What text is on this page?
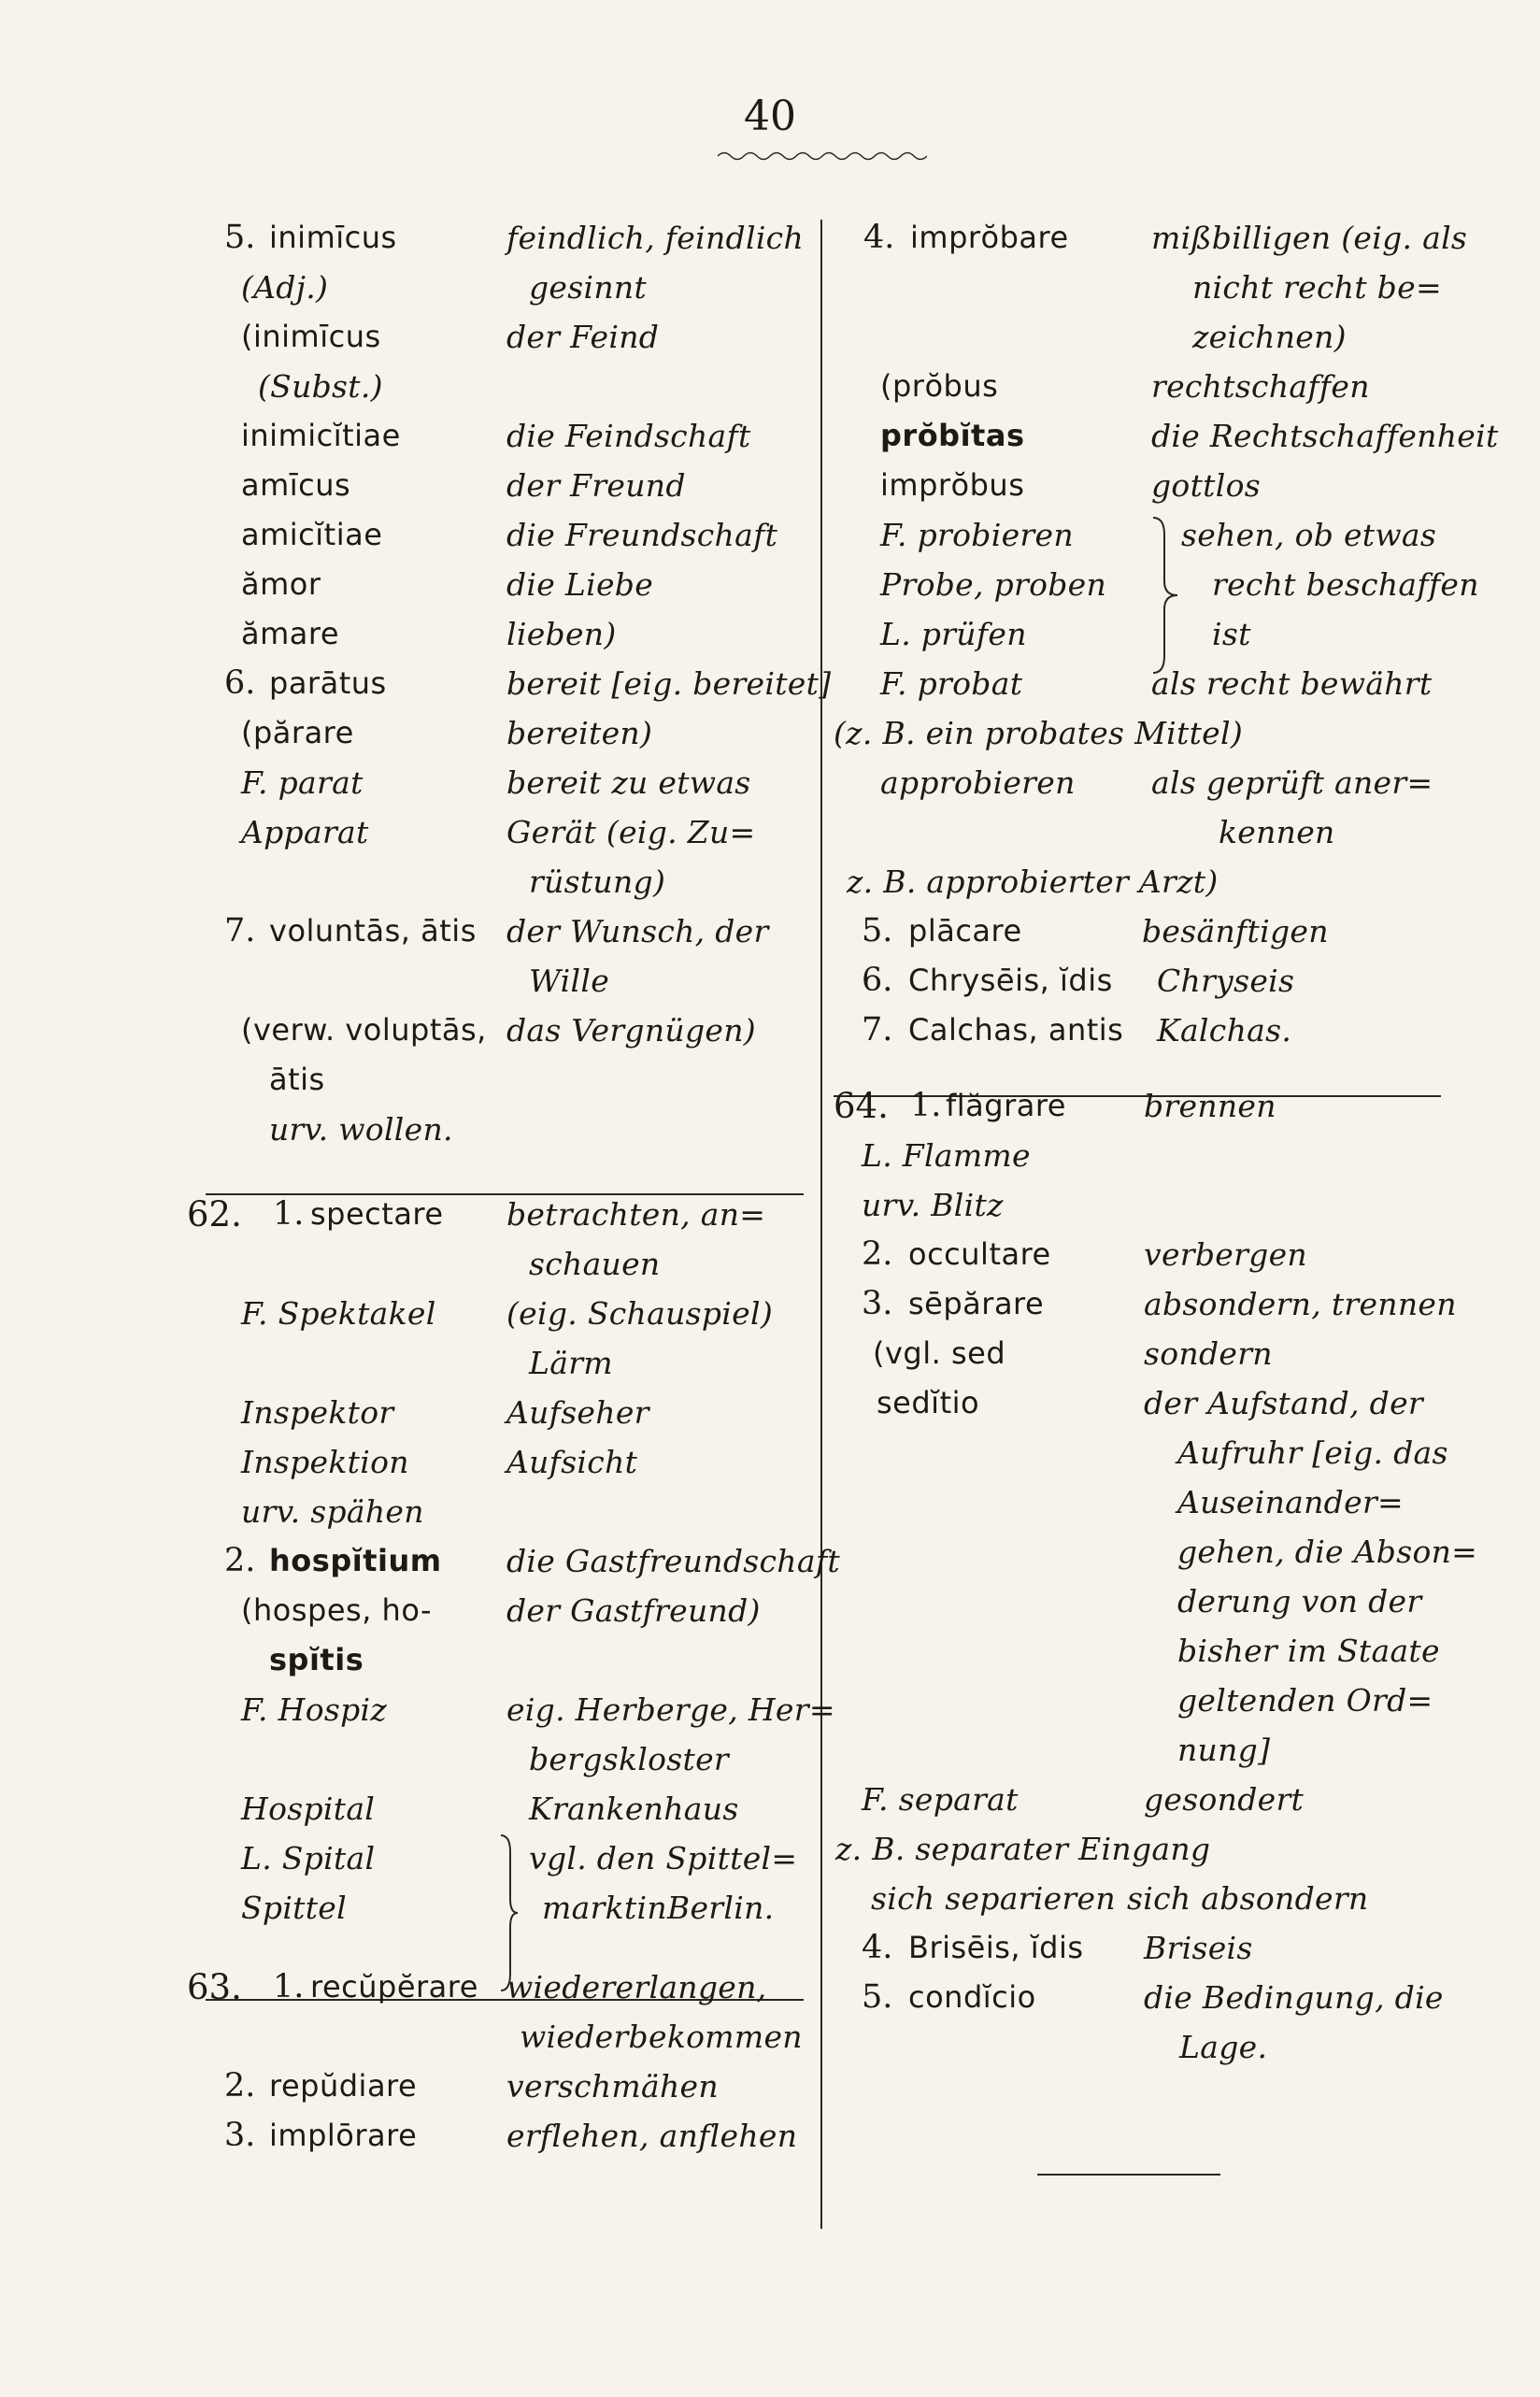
40
5. inimīcus	feindlich, feindlich
(Adj.)	gesinnt
(inimīcus	der Feind
(Subst.)
inimicĭtiae	die Feindschaft
amīcus	der Freund
amicĭtiae	die Freundschaft
ămor	die Liebe
ămare	lieben)
6. parātus	bereit [eig. bereitet]
(părare	bereiten)
F. parat	bereit zu etwas
Apparat	Gerät (eig. Zu=
rüstung)
7. voluntās, ātis der Wunsch, der
Wille
(verw. voluptās, das Vergnügen)
ātis
urv. wollen.
62. 1. spectare betrachten, an=
schauen
F. Spektakel (eig. Schauspiel)
Lärm
Inspektor	Aufseher
Inspektion	Aufsicht
urv. spähen
2. hospĭtium die Gastfreundschaft
(hospes, ho- der Gastfreund)
spĭtis
F. Hospiz	eig. Herberge, Her=
bergskloster
Hospital	Krankenhaus
L. Spital	vgl. den Spittel=
Spittel	marktinBerlin.
63. 1. recŭpĕrare wiedererlangen,
wiederbekommen
2. repŭdiare	verschmähen
3. implōrare	erflehen, anflehen
4. imprŏbare	mißbilligen (eig. als
nicht recht be=
zeichnen)
(prŏbus	rechtschaffen
prŏbĭtas	die Rechtschaffenheit
imprŏbus	gottlos
F. probieren	sehen, ob etwas
Probe, proben	recht beschaffen
L. prüfen	ist
F. probat	als recht bewährt
(z. B. ein probates Mittel)
approbieren als geprüft aner=
kennen
z. B. approbierter Arzt)
5. plācare	besänftigen
6. Chrysēis, ĭdis Chryseis
7. Calchas, antis Kalchas.
64. 1. flăgrare	brennen
L. Flamme
urv. Blitz
2. occultare	verbergen
3. sēpărare	absondern, trennen
(vgl. sed	sondern
sedĭtio	der Aufstand, der
Aufruhr [eig. das
Auseinander=
gehen, die Abson=
derung von der
bisher im Staate
geltenden Ord=
nung]
F. separat	gesondert
z. B. separater Eingang
sich separieren sich absondern
4. Brisēis, ĭdis Briseis
5. condĭcio	die Bedingung, die
Lage.
